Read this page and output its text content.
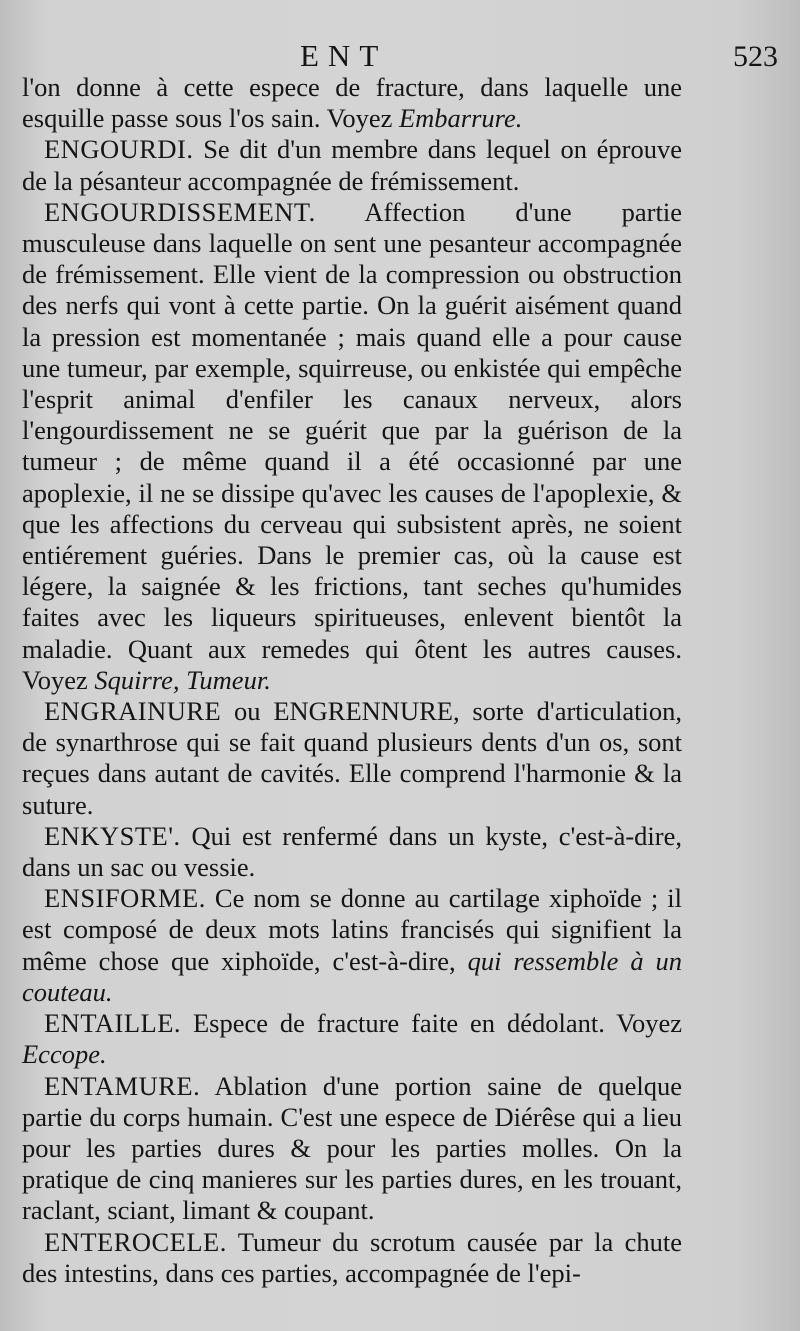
ENT	523

l'on donne à cette espece de fracture, dans laquelle une esquille passe sous l'os sain. Voyez Embarrure.

ENGOURDI. Se dit d'un membre dans lequel on éprouve de la pésanteur accompagnée de frémissement.

ENGOURDISSEMENT. Affection d'une partie musculeuse dans laquelle on sent une pesanteur accompagnée de frémissement. Elle vient de la compression ou obstruction des nerfs qui vont à cette partie. On la guérit aisément quand la pression est momentanée ; mais quand elle a pour cause une tumeur, par exemple, squirreuse, ou enkistée qui empêche l'esprit animal d'enfiler les canaux nerveux, alors l'engourdissement ne se guérit que par la guérison de la tumeur ; de même quand il a été occasionné par une apoplexie, il ne se dissipe qu'avec les causes de l'apoplexie, & que les affections du cerveau qui subsistent après, ne soient entiérement guéries. Dans le premier cas, où la cause est légere, la saignée & les frictions, tant seches qu'humides faites avec les liqueurs spiritueuses, enlevent bientôt la maladie. Quant aux remedes qui ôtent les autres causes. Voyez Squirre, Tumeur.

ENGRAINURE ou ENGRENNURE, sorte d'articulation, de synarthrose qui se fait quand plusieurs dents d'un os, sont reçues dans autant de cavités. Elle comprend l'harmonie & la suture.

ENKYSTE'. Qui est renfermé dans un kyste, c'est-à-dire, dans un sac ou vessie.

ENSIFORME. Ce nom se donne au cartilage xiphoïde ; il est composé de deux mots latins francisés qui signifient la même chose que xiphoïde, c'est-à-dire, qui ressemble à un couteau.

ENTAILLE. Espece de fracture faite en dédolant. Voyez Eccope.

ENTAMURE. Ablation d'une portion saine de quelque partie du corps humain. C'est une espece de Diérêse qui a lieu pour les parties dures & pour les parties molles. On la pratique de cinq manieres sur les parties dures, en les trouant, raclant, sciant, limant & coupant.

ENTEROCELE. Tumeur du scrotum causée par la chute des intestins, dans ces parties, accompagnée de l'epi-
